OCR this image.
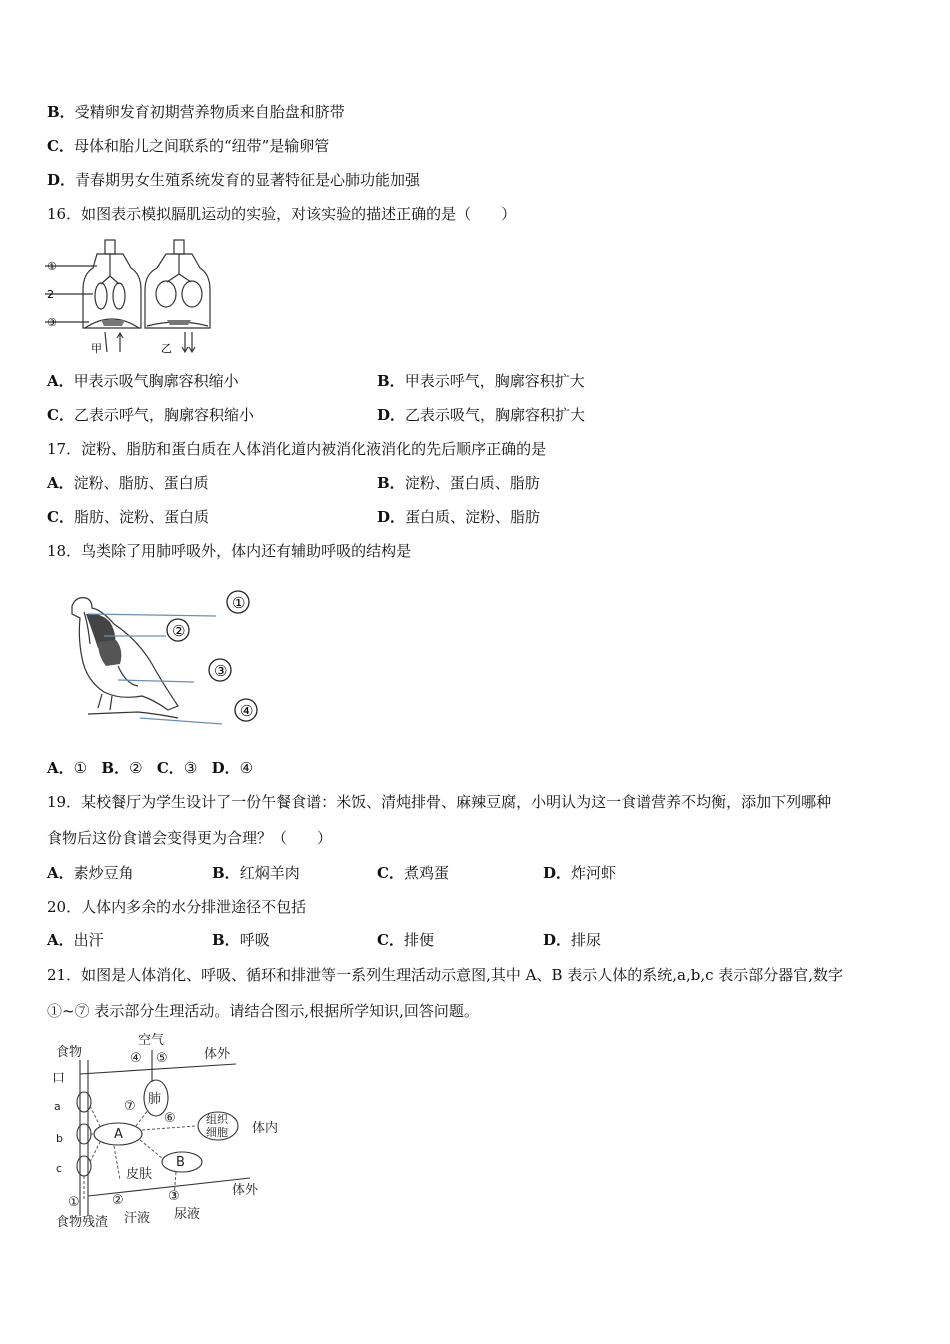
B．受精卵发育初期营养物质来自胎盘和脐带
C．母体和胎儿之间联系的“纽带”是输卵管
D．青春期男女生殖系统发育的显著特征是心肺功能加强
16．如图表示模拟膈肌运动的实验，对该实验的描述正确的是（　　）
①
2
③
甲	乙
A．甲表示吸气胸廓容积缩小	B．甲表示呼气，胸廓容积扩大
C．乙表示呼气，胸廓容积缩小	D．乙表示吸气，胸廓容积扩大
17．淀粉、脂肪和蛋白质在人体消化道内被消化液消化的先后顺序正确的是
A．淀粉、脂肪、蛋白质	B．淀粉、蛋白质、脂肪
C．脂肪、淀粉、蛋白质	D．蛋白质、淀粉、脂肪
18．鸟类除了用肺呼吸外，体内还有辅助呼吸的结构是
①
②
③
④
A．① B．② C．③ D．④
19．某校餐厅为学生设计了一份午餐食谱：米饭、清炖排骨、麻辣豆腐，小明认为这一食谱营养不均衡，添加下列哪种
食物后这份食谱会变得更为合理？（　　）
A．素炒豆角	B．红焖羊肉	C．煮鸡蛋	D．炸河虾
20．人体内多余的水分排泄途径不包括
A．出汗	B．呼吸	C．排便	D．排尿
21．如图是人体消化、呼吸、循环和排泄等一系列生理活动示意图,其中 A、B 表示人体的系统,a,b,c 表示部分器官,数字
①~⑦ 表示部分生理活动。请结合图示,根据所学知识,回答问题。
食物
空气
④ ⑤	体外
口
a
b
c
⑦ 肺
⑥	组织
细胞 体内
A
皮肤
B
体外
① ②	③
食物残渣 汗液 尿液
